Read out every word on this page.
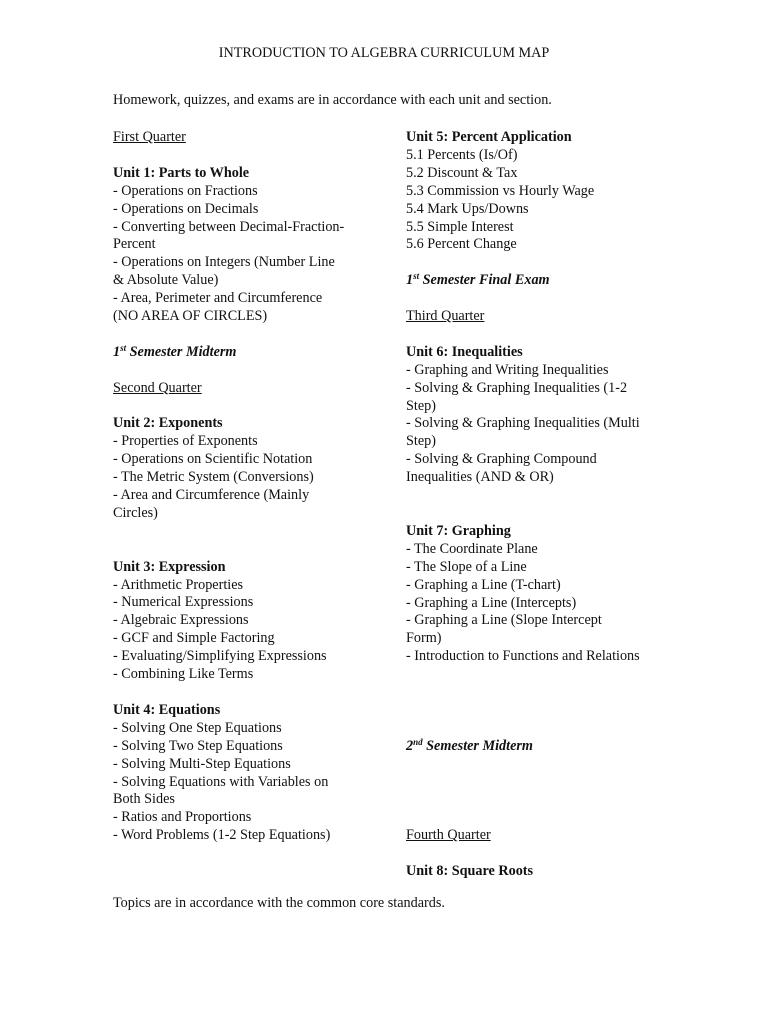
INTRODUCTION TO ALGEBRA CURRICULUM MAP
Homework, quizzes, and exams are in accordance with each unit and section.
First Quarter
Unit 1: Parts to Whole
- Operations on Fractions
- Operations on Decimals
- Converting between Decimal-Fraction-
Percent
- Operations on Integers (Number Line
& Absolute Value)
- Area, Perimeter and Circumference
(NO AREA OF CIRCLES)
1st Semester Midterm
Second Quarter
Unit 2: Exponents
- Properties of Exponents
- Operations on Scientific Notation
- The Metric System (Conversions)
- Area and Circumference (Mainly
Circles)
Unit 3: Expression
- Arithmetic Properties
- Numerical Expressions
- Algebraic Expressions
- GCF and Simple Factoring
- Evaluating/Simplifying Expressions
- Combining Like Terms
Unit 4: Equations
- Solving One Step Equations
- Solving Two Step Equations
- Solving Multi-Step Equations
- Solving Equations with Variables on
Both Sides
- Ratios and Proportions
- Word Problems (1-2 Step Equations)
Unit 5: Percent Application
5.1 Percents (Is/Of)
5.2 Discount & Tax
5.3 Commission vs Hourly Wage
5.4 Mark Ups/Downs
5.5 Simple Interest
5.6 Percent Change
1st Semester Final Exam
Third Quarter
Unit 6: Inequalities
- Graphing and Writing Inequalities
- Solving & Graphing Inequalities (1-2
Step)
- Solving & Graphing Inequalities (Multi
Step)
- Solving & Graphing Compound
Inequalities (AND & OR)
Unit 7: Graphing
- The Coordinate Plane
- The Slope of a Line
- Graphing a Line (T-chart)
- Graphing a Line (Intercepts)
- Graphing a Line (Slope Intercept
Form)
- Introduction to Functions and Relations
2nd Semester Midterm
Fourth Quarter
Unit 8: Square Roots
Topics are in accordance with the common core standards.
